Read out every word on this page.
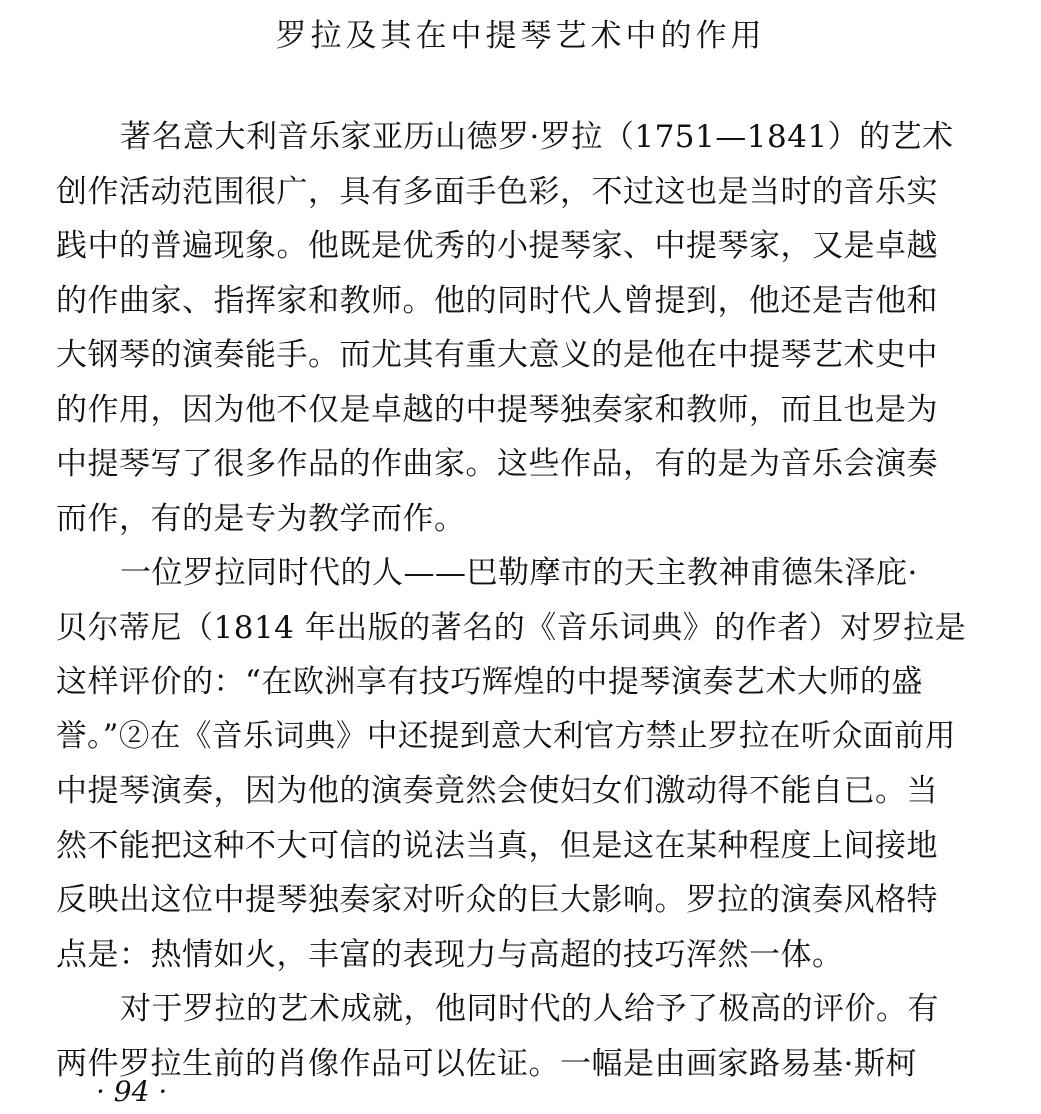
罗拉及其在中提琴艺术中的作用
著名意大利音乐家亚历山德罗·罗拉（1751—1841）的艺术
创作活动范围很广，具有多面手色彩，不过这也是当时的音乐实
践中的普遍现象。他既是优秀的小提琴家、中提琴家，又是卓越
的作曲家、指挥家和教师。他的同时代人曾提到，他还是吉他和
大钢琴的演奏能手。而尤其有重大意义的是他在中提琴艺术史中
的作用，因为他不仅是卓越的中提琴独奏家和教师，而且也是为
中提琴写了很多作品的作曲家。这些作品，有的是为音乐会演奏
而作，有的是专为教学而作。
一位罗拉同时代的人——巴勒摩市的天主教神甫德朱泽庇·
贝尔蒂尼（1814 年出版的著名的《音乐词典》的作者）对罗拉是
这样评价的：“在欧洲享有技巧辉煌的中提琴演奏艺术大师的盛
誉。”②在《音乐词典》中还提到意大利官方禁止罗拉在听众面前用
中提琴演奏，因为他的演奏竟然会使妇女们激动得不能自已。当
然不能把这种不大可信的说法当真，但是这在某种程度上间接地
反映出这位中提琴独奏家对听众的巨大影响。罗拉的演奏风格特
点是：热情如火，丰富的表现力与高超的技巧浑然一体。
对于罗拉的艺术成就，他同时代的人给予了极高的评价。有
两件罗拉生前的肖像作品可以佐证。一幅是由画家路易基·斯柯
· 94 ·
